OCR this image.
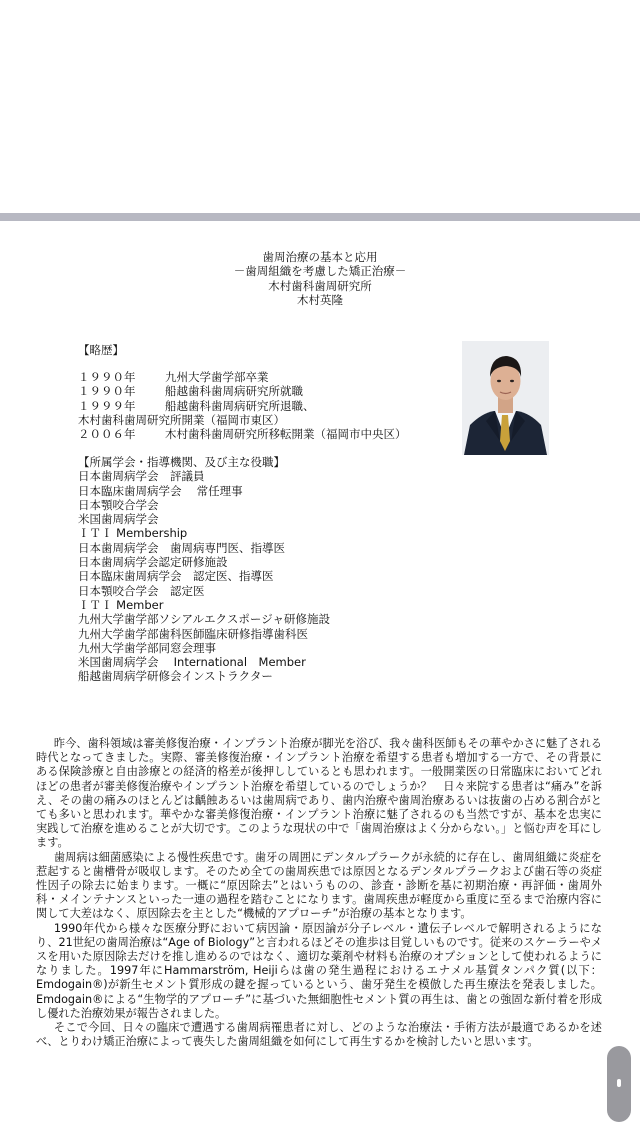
歯周治療の基本と応用
－歯周組織を考慮した矯正治療－
木村歯科歯周研究所
木村英隆
【略歴】
１９９０年	九州大学歯学部卒業
１９９０年	船越歯科歯周病研究所就職
１９９９年	船越歯科歯周病研究所退職、
木村歯科歯周研究所開業（福岡市東区）
２００６年	木村歯科歯周研究所移転開業（福岡市中央区）
【所属学会・指導機関、及び主な役職】
日本歯周病学会　評議員
日本臨床歯周病学会　 常任理事
日本顎咬合学会
米国歯周病学会
ＩＴＩ Membership
日本歯周病学会　歯周病専門医、指導医
日本歯周病学会認定研修施設
日本臨床歯周病学会　認定医、指導医
日本顎咬合学会　認定医
ＩＴＩ Member
九州大学歯学部ソシアルエクスポージャ研修施設
九州大学歯学部歯科医師臨床研修指導歯科医
九州大学歯学部同窓会理事
米国歯周病学会　 International　Member
船越歯周病学研修会インストラクター

昨今、歯科領域は審美修復治療・インプラント治療が脚光を浴び、我々歯科医師もその華やかさに魅了される時代となってきました。実際、審美修復治療・インプラント治療を希望する患者も増加する一方で、その背景にある保険診療と自由診療との経済的格差が後押ししているとも思われます。一般開業医の日常臨床においてどれほどの患者が審美修復治療やインプラント治療を希望しているのでしょうか？　日々来院する患者は“痛み”を訴え、その歯の痛みのほとんどは齲蝕あるいは歯周病であり、歯内治療や歯周治療あるいは抜歯の占める割合がとても多いと思われます。華やかな審美修復治療・インプラント治療に魅了されるのも当然ですが、基本を忠実に実践して治療を進めることが大切です。このような現状の中で「歯周治療はよく分からない。」と悩む声を耳にします。

歯周病は細菌感染による慢性疾患です。歯牙の周囲にデンタルプラークが永続的に存在し、歯周組織に炎症を惹起すると歯槽骨が吸収します。そのため全ての歯周疾患では原因となるデンタルプラークおよび歯石等の炎症性因子の除去に始まります。一概に“原因除去”とはいうものの、診査・診断を基に初期治療・再評価・歯周外科・メインテナンスといった一連の過程を踏むことになります。歯周疾患が軽度から重度に至るまで治療内容に関して大差はなく、原因除去を主とした“機械的アプローチ”が治療の基本となります。

1990年代から様々な医療分野において病因論・原因論が分子レベル・遺伝子レベルで解明されるようになり、21世紀の歯周治療は“Age of Biology”と言われるほどその進歩は目覚しいものです。従来のスケーラーやメスを用いた原因除去だけを推し進めるのではなく、適切な薬剤や材料も治療のオプションとして使われるようになりました。1997年にHammarström, Heijiらは歯の発生過程におけるエナメル基質タンパク質(以下：Emdogain®)が新生セメント質形成の鍵を握っているという、歯牙発生を模倣した再生療法を発表しました。Emdogain®による“生物学的アプローチ”に基づいた無細胞性セメント質の再生は、歯との強固な新付着を形成し優れた治療効果が報告されました。

そこで今回、日々の臨床で遭遇する歯周病罹患者に対し、どのような治療法・手術方法が最適であるかを述べ、とりわけ矯正治療によって喪失した歯周組織を如何にして再生するかを検討したいと思います。
